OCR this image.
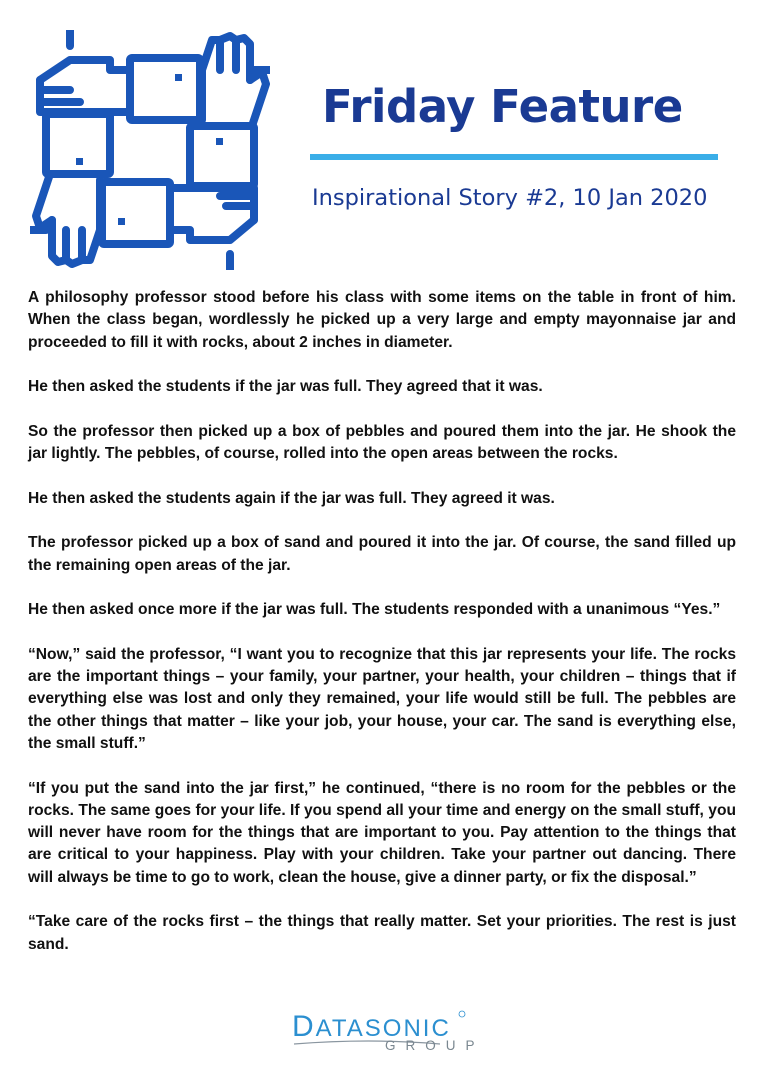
Friday Feature
Inspirational Story #2, 10 Jan 2020

A philosophy professor stood before his class with some items on the table in front of him. When the class began, wordlessly he picked up a very large and empty mayonnaise jar and proceeded to fill it with rocks, about 2 inches in diameter.

He then asked the students if the jar was full. They agreed that it was.

So the professor then picked up a box of pebbles and poured them into the jar. He shook the jar lightly. The pebbles, of course, rolled into the open areas between the rocks.

He then asked the students again if the jar was full. They agreed it was.

The professor picked up a box of sand and poured it into the jar. Of course, the sand filled up the remaining open areas of the jar.

He then asked once more if the jar was full. The students responded with a unanimous “Yes.”

“Now,” said the professor, “I want you to recognize that this jar represents your life. The rocks are the important things – your family, your partner, your health, your children – things that if everything else was lost and only they remained, your life would still be full. The pebbles are the other things that matter – like your job, your house, your car. The sand is everything else, the small stuff.”

“If you put the sand into the jar first,” he continued, “there is no room for the pebbles or the rocks. The same goes for your life. If you spend all your time and energy on the small stuff, you will never have room for the things that are important to you. Pay attention to the things that are critical to your happiness. Play with your children. Take your partner out dancing. There will always be time to go to work, clean the house, give a dinner party, or fix the disposal.”

“Take care of the rocks first – the things that really matter. Set your priorities. The rest is just sand.

DATASONIC
GROUP
